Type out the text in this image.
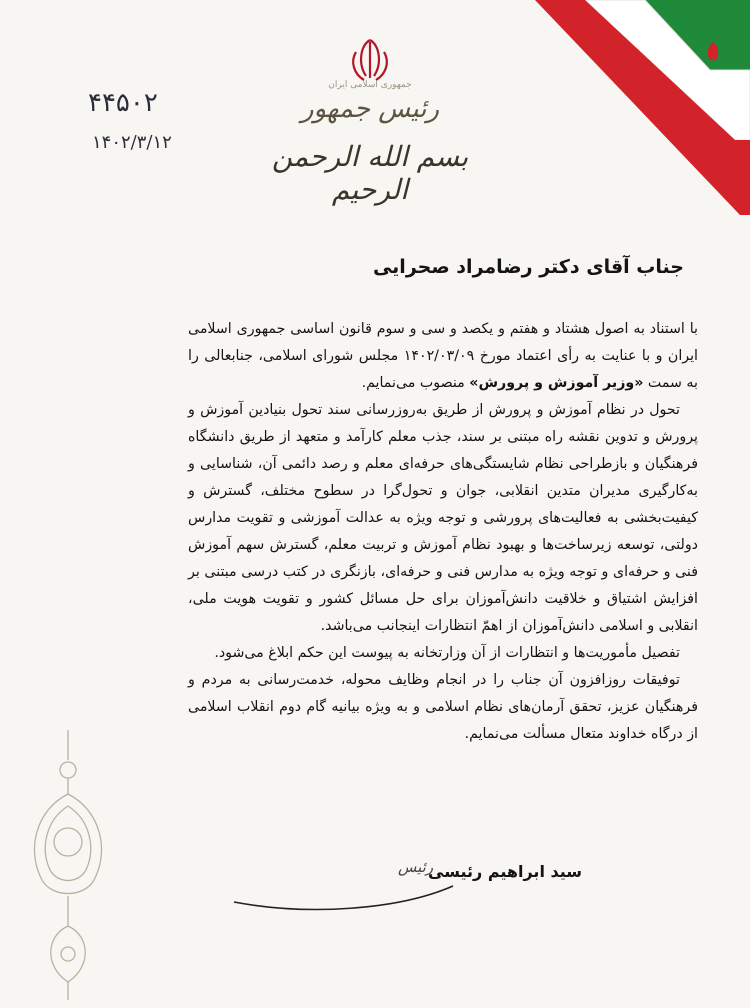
جمهوری اسلامی ایران
رئیس جمهور
بسم الله الرحمن الرحیم
۴۴۵۰۲
۱۴۰۲/۳/۱۲
جناب آقای دکتر رضامراد صحرایی

با استناد به اصول هشتاد و هفتم و یکصد و سی و سوم قانون اساسی جمهوری اسلامی ایران و با عنایت به رأی اعتماد مورخ ۱۴۰۲/۰۳/۰۹ مجلس شورای اسلامی، جنابعالی را به سمت «وزیر آموزش و پرورش» منصوب می‌نمایم.

تحول در نظام آموزش و پرورش از طریق به‌روزرسانی سند تحول بنیادین آموزش و پرورش و تدوین نقشه راه مبتنی بر سند، جذب معلم کارآمد و متعهد از طریق دانشگاه فرهنگیان و بازطراحی نظام شایستگی‌های حرفه‌ای معلم و رصد دائمی آن، شناسایی و به‌کارگیری مدیران متدین انقلابی، جوان و تحول‌گرا در سطوح مختلف، گسترش و کیفیت‌بخشی به فعالیت‌های پرورشی و توجه ویژه به عدالت آموزشی و تقویت مدارس دولتی، توسعه زیرساخت‌ها و بهبود نظام آموزش و تربیت معلم، گسترش سهم آموزش فنی و حرفه‌ای و توجه ویژه به مدارس فنی و حرفه‌ای، بازنگری در کتب درسی مبتنی بر افزایش اشتیاق و خلاقیت دانش‌آموزان برای حل مسائل کشور و تقویت هویت ملی، انقلابی و اسلامی دانش‌آموزان از اهمّ انتظارات اینجانب می‌باشد.

تفصیل مأموریت‌ها و انتظارات از آن وزارتخانه به پیوست این حکم ابلاغ می‌شود.

توفیقات روزافزون آن جناب را در انجام وظایف محوله، خدمت‌رسانی به مردم و فرهنگیان عزیز، تحقق آرمان‌های نظام اسلامی و به ویژه بیانیه گام دوم انقلاب اسلامی از درگاه خداوند متعال مسألت می‌نمایم.

رئیس
سید ابراهیم رئیسی
